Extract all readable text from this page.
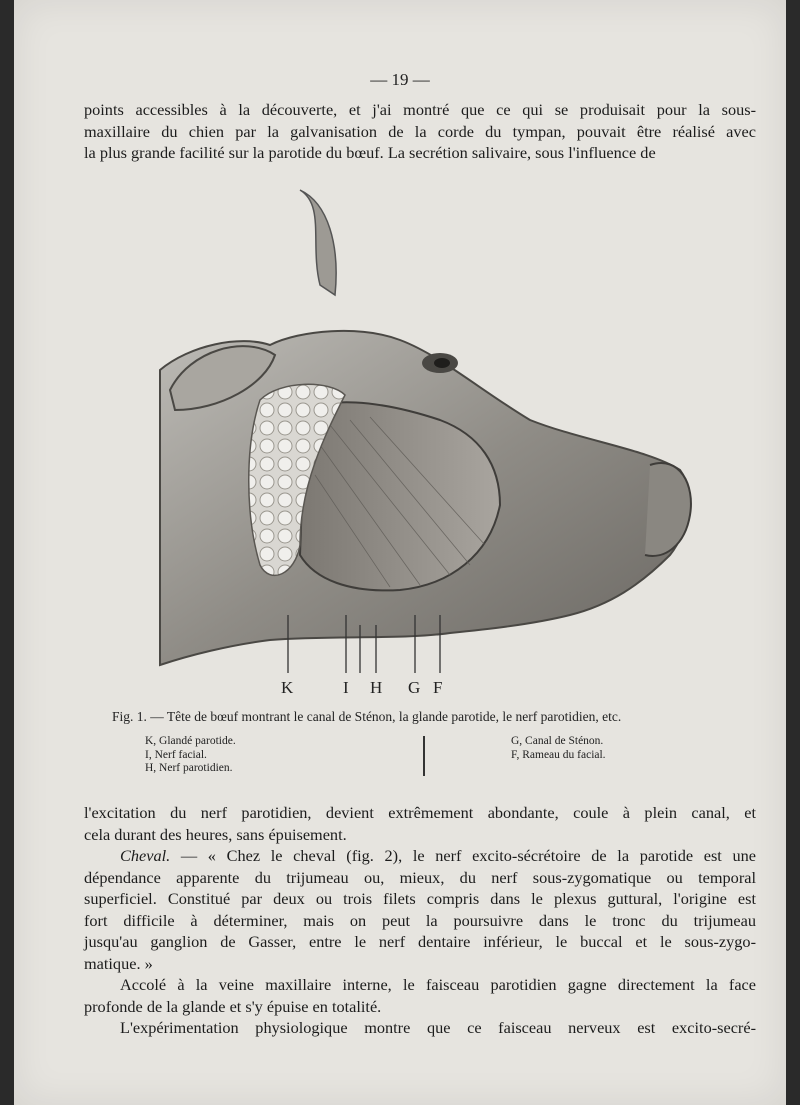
— 19 —
points accessibles à la découverte, et j'ai montré que ce qui se produisait pour la sous-
maxillaire du chien par la galvanisation de la corde du tympan, pouvait être réalisé avec
la plus grande facilité sur la parotide du bœuf. La secrétion salivaire, sous l'influence de
K	I H G F
Fig. 1. — Tête de bœuf montrant le canal de Sténon, la glande parotide, le nerf parotidien, etc.
K, Glandé parotide.
I, Nerf facial.
H, Nerf parotidien.
G, Canal de Sténon.
F, Rameau du facial.
l'excitation du nerf parotidien, devient extrêmement abondante, coule à plein canal, et
cela durant des heures, sans épuisement.
Cheval. — « Chez le cheval (fig. 2), le nerf excito-sécrétoire de la parotide est une
dépendance apparente du trijumeau ou, mieux, du nerf sous-zygomatique ou temporal
superficiel. Constitué par deux ou trois filets compris dans le plexus guttural, l'origine est
fort difficile à déterminer, mais on peut la poursuivre dans le tronc du trijumeau
jusqu'au ganglion de Gasser, entre le nerf dentaire inférieur, le buccal et le sous-zygo-
matique. »
Accolé à la veine maxillaire interne, le faisceau parotidien gagne directement la face
profonde de la glande et s'y épuise en totalité.
L'expérimentation physiologique montre que ce faisceau nerveux est excito-secré-
